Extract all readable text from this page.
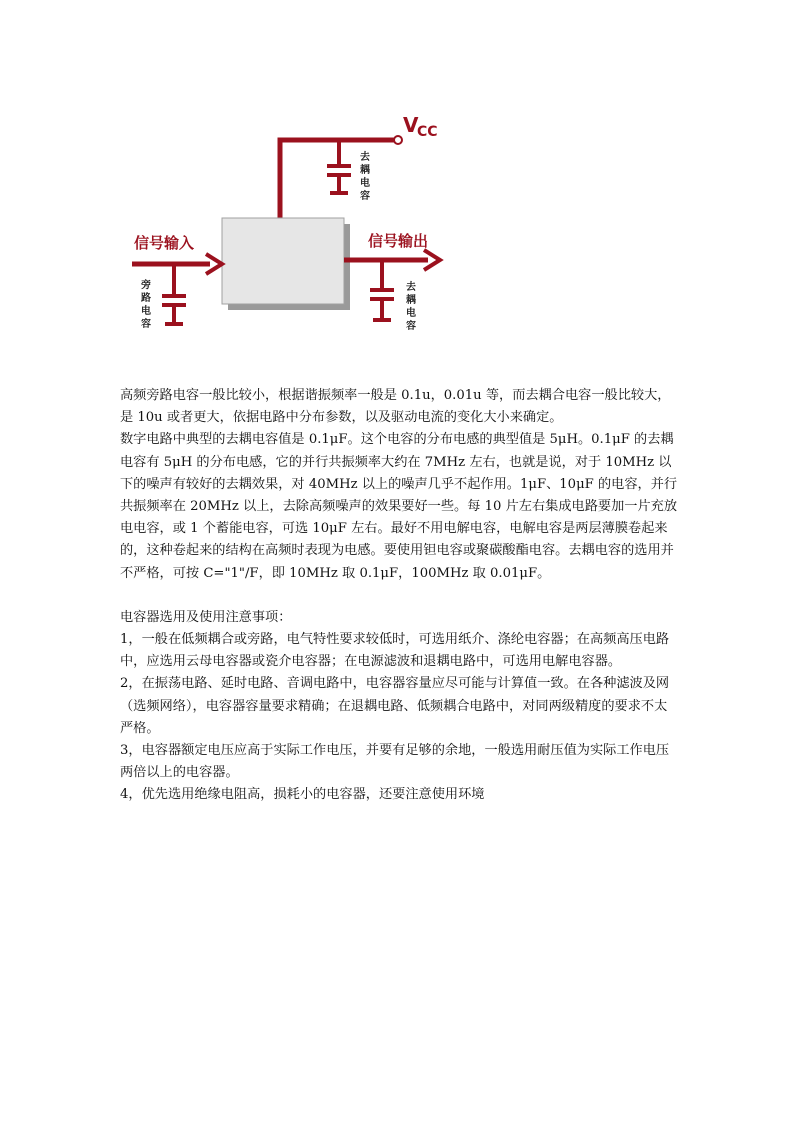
V
CC
去
耦
电
容
信号输入
旁
路
电
容
信号输出
去
耦
电
容

高频旁路电容一般比较小，根据谐振频率一般是 0.1u，0.01u 等，而去耦合电容一般比较大，是 10u 或者更大，依据电路中分布参数，以及驱动电流的变化大小来确定。

数字电路中典型的去耦电容值是 0.1μF。这个电容的分布电感的典型值是 5μH。0.1μF 的去耦电容有 5μH 的分布电感，它的并行共振频率大约在 7MHz 左右，也就是说，对于 10MHz 以下的噪声有较好的去耦效果，对 40MHz 以上的噪声几乎不起作用。1μF、10μF 的电容，并行共振频率在 20MHz 以上，去除高频噪声的效果要好一些。每 10 片左右集成电路要加一片充放电电容，或 1 个蓄能电容，可选 10μF 左右。最好不用电解电容，电解电容是两层薄膜卷起来的，这种卷起来的结构在高频时表现为电感。要使用钽电容或聚碳酸酯电容。去耦电容的选用并不严格，可按 C="1"/F，即 10MHz 取 0.1μF，100MHz 取 0.01μF。

电容器选用及使用注意事项：

1，一般在低频耦合或旁路，电气特性要求较低时，可选用纸介、涤纶电容器；在高频高压电路中，应选用云母电容器或瓷介电容器；在电源滤波和退耦电路中，可选用电解电容器。

2，在振荡电路、延时电路、音调电路中，电容器容量应尽可能与计算值一致。在各种滤波及网（选频网络），电容器容量要求精确；在退耦电路、低频耦合电路中，对同两级精度的要求不太严格。

3，电容器额定电压应高于实际工作电压，并要有足够的余地，一般选用耐压值为实际工作电压两倍以上的电容器。

4，优先选用绝缘电阻高，损耗小的电容器，还要注意使用环境
